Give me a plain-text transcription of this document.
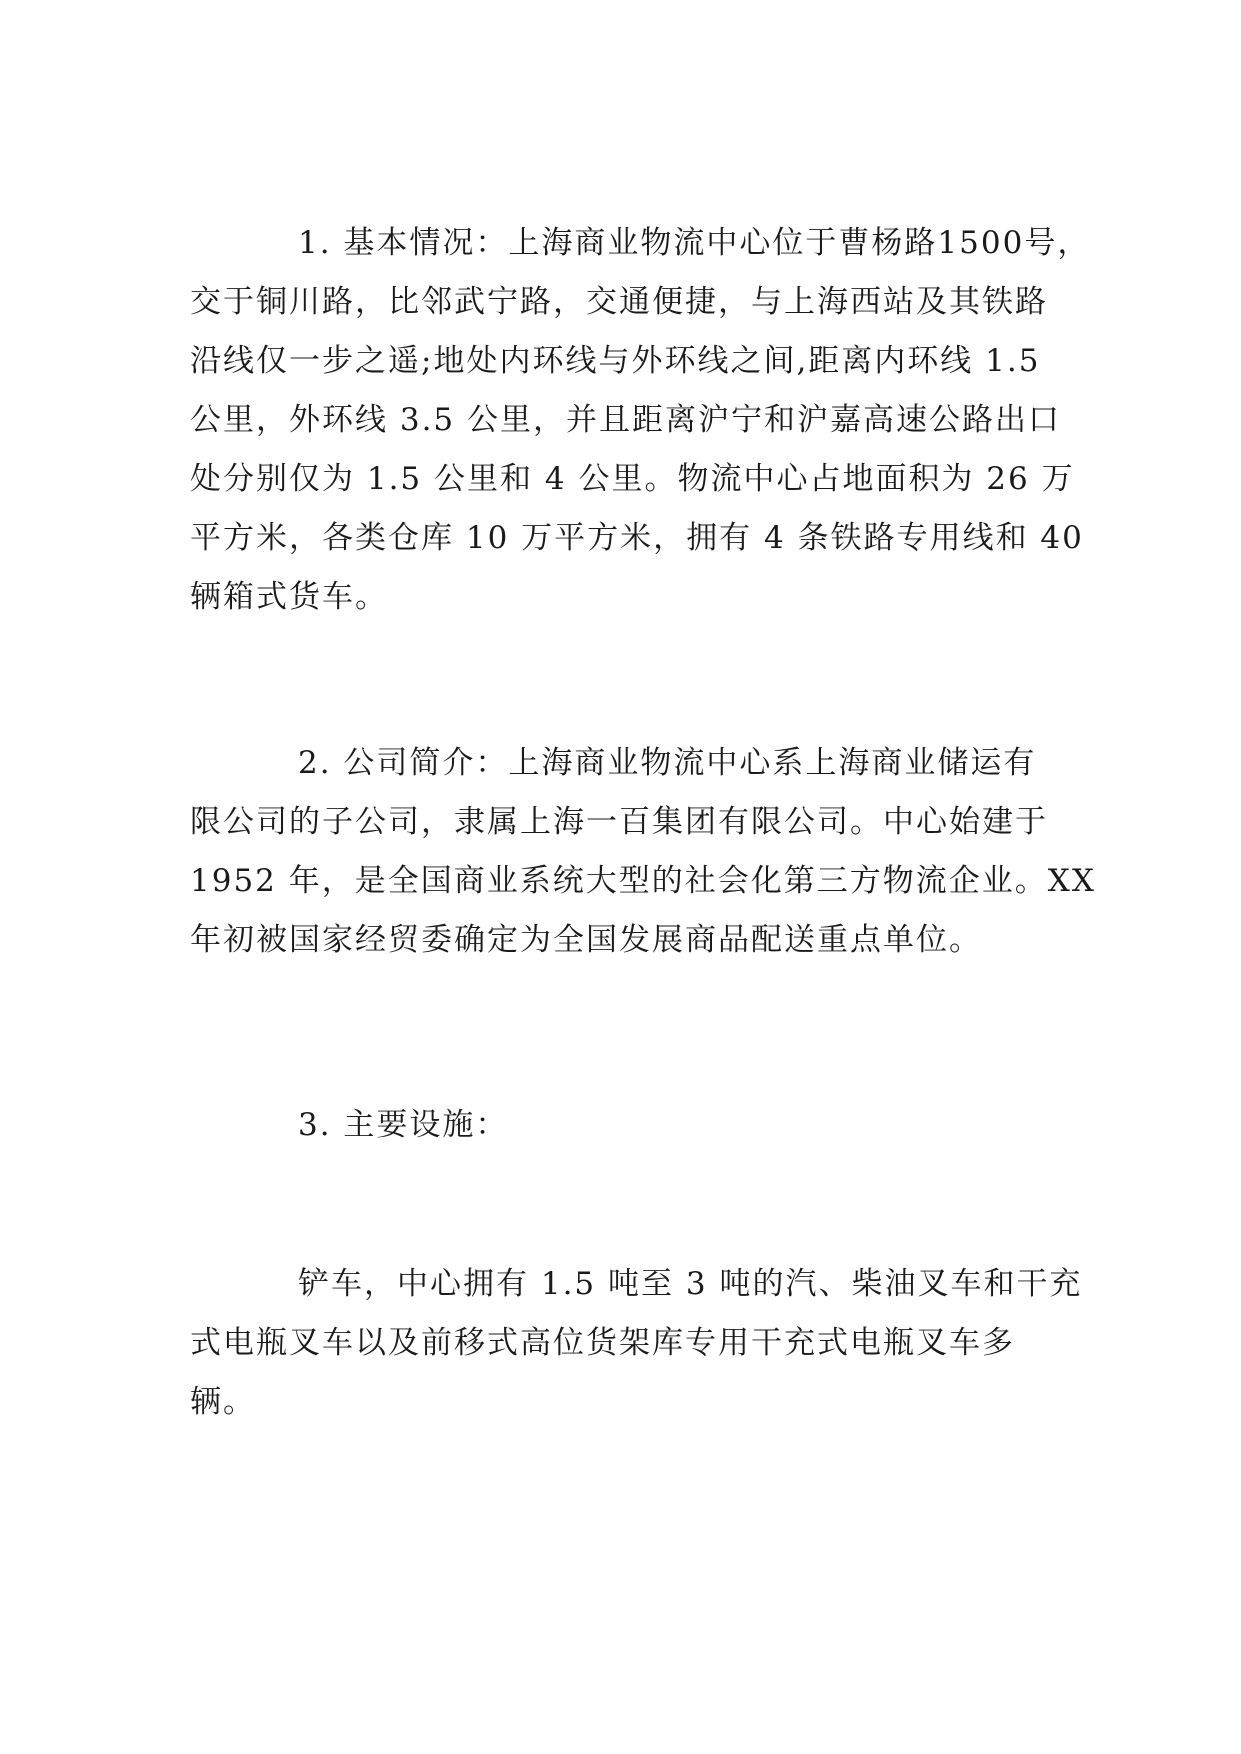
1. 基本情况：上海商业物流中心位于曹杨路1500号，
交于铜川路，比邻武宁路，交通便捷，与上海西站及其铁路
沿线仅一步之遥;地处内环线与外环线之间,距离内环线 1.5
公里，外环线 3.5 公里，并且距离沪宁和沪嘉高速公路出口
处分别仅为 1.5 公里和 4 公里。物流中心占地面积为 26 万
平方米，各类仓库 10 万平方米，拥有 4 条铁路专用线和 40
辆箱式货车。
2. 公司简介：上海商业物流中心系上海商业储运有
限公司的子公司，隶属上海一百集团有限公司。中心始建于
1952 年，是全国商业系统大型的社会化第三方物流企业。XX
年初被国家经贸委确定为全国发展商品配送重点单位。
3. 主要设施：
铲车，中心拥有 1.5 吨至 3 吨的汽、柴油叉车和干充
式电瓶叉车以及前移式高位货架库专用干充式电瓶叉车多
辆。
